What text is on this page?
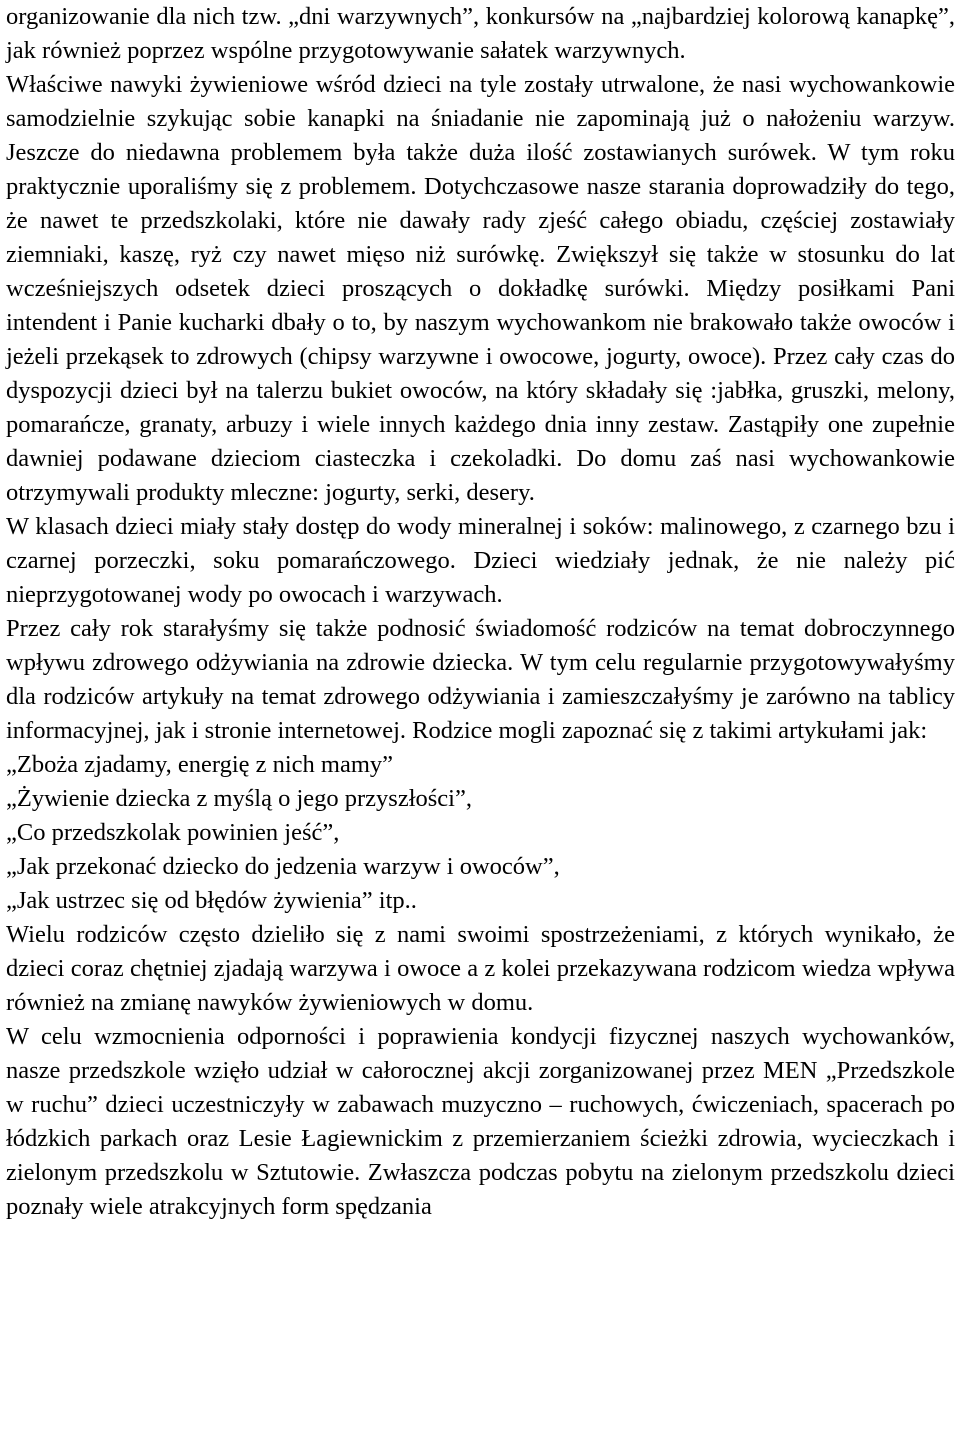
organizowanie dla nich tzw. „dni warzywnych”, konkursów na „najbardziej kolorową kanapkę”, jak również poprzez wspólne przygotowywanie sałatek warzywnych.

Właściwe nawyki żywieniowe wśród dzieci na tyle zostały utrwalone, że nasi wychowankowie samodzielnie szykując sobie kanapki na śniadanie nie zapominają już o nałożeniu warzyw. Jeszcze do niedawna problemem była także duża ilość zostawianych surówek. W tym roku praktycznie uporaliśmy się z problemem. Dotychczasowe nasze starania doprowadziły do tego, że nawet te przedszkolaki, które nie dawały rady zjeść całego obiadu, częściej zostawiały ziemniaki, kaszę, ryż czy nawet mięso niż surówkę. Zwiększył się także w stosunku do lat wcześniejszych odsetek dzieci proszących o dokładkę surówki. Między posiłkami Pani intendent i Panie kucharki dbały o to, by naszym wychowankom nie brakowało także owoców i jeżeli przekąsek to zdrowych (chipsy warzywne i owocowe, jogurty, owoce). Przez cały czas do dyspozycji dzieci był na talerzu bukiet owoców, na który składały się :jabłka, gruszki, melony, pomarańcze, granaty, arbuzy i wiele innych każdego dnia inny zestaw. Zastąpiły one zupełnie dawniej podawane dzieciom ciasteczka i czekoladki. Do domu zaś nasi wychowankowie otrzymywali produkty mleczne: jogurty, serki, desery.

W klasach dzieci miały stały dostęp do wody mineralnej i soków: malinowego, z czarnego bzu i czarnej porzeczki, soku pomarańczowego. Dzieci wiedziały jednak, że nie należy pić nieprzygotowanej wody po owocach i warzywach.

Przez cały rok starałyśmy się także podnosić świadomość rodziców na temat dobroczynnego wpływu zdrowego odżywiania na zdrowie dziecka. W tym celu regularnie przygotowywałyśmy dla rodziców artykuły na temat zdrowego odżywiania i zamieszczałyśmy je zarówno na tablicy informacyjnej, jak i stronie internetowej. Rodzice mogli zapoznać się z takimi artykułami jak:

„Zboża zjadamy, energię z nich mamy”

„Żywienie dziecka z myślą o jego przyszłości”,

„Co przedszkolak powinien jeść”,

„Jak przekonać dziecko do jedzenia warzyw i owoców”,

„Jak ustrzec się od błędów żywienia” itp..

Wielu rodziców często dzieliło się z nami swoimi spostrzeżeniami, z których wynikało, że dzieci coraz chętniej zjadają warzywa i owoce a z kolei przekazywana rodzicom wiedza wpływa również na zmianę nawyków żywieniowych w domu.

W celu wzmocnienia odporności i poprawienia kondycji fizycznej naszych wychowanków, nasze przedszkole wzięło udział w całorocznej akcji zorganizowanej przez MEN „Przedszkole w ruchu” dzieci uczestniczyły w zabawach muzyczno – ruchowych, ćwiczeniach, spacerach po łódzkich parkach oraz Lesie Łagiewnickim z przemierzaniem ścieżki zdrowia, wycieczkach i zielonym przedszkolu w Sztutowie. Zwłaszcza podczas pobytu na zielonym przedszkolu dzieci poznały wiele atrakcyjnych form spędzania
